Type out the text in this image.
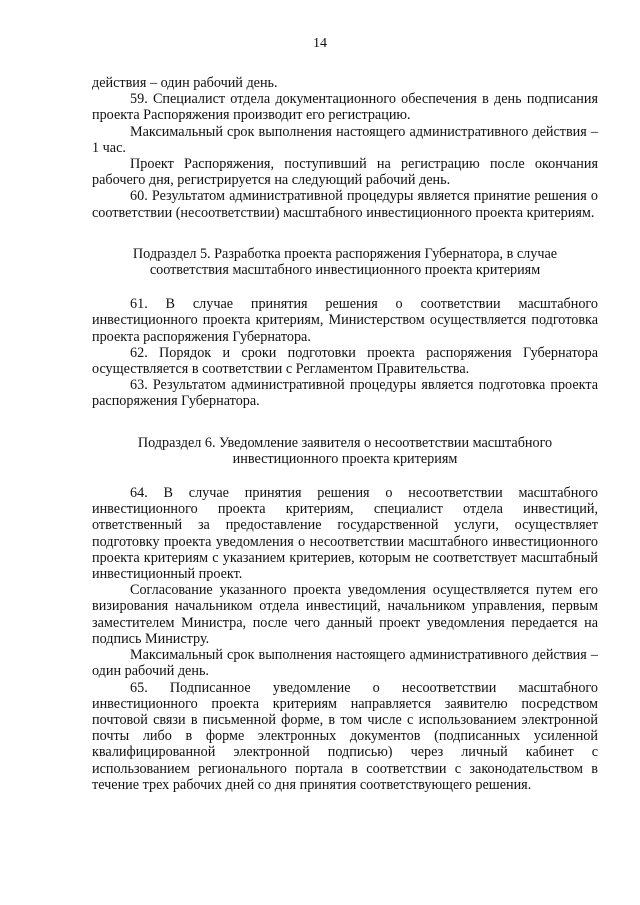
14

действия – один рабочий день.

59. Специалист отдела документационного обеспечения в день подписания проекта Распоряжения производит его регистрацию.

Максимальный срок выполнения настоящего административного действия – 1 час.

Проект Распоряжения, поступивший на регистрацию после окончания рабочего дня, регистрируется на следующий рабочий день.

60. Результатом административной процедуры является принятие решения о соответствии (несоответствии) масштабного инвестиционного проекта критериям.

Подраздел 5. Разработка проекта распоряжения Губернатора, в случае
соответствия масштабного инвестиционного проекта критериям

61. В случае принятия решения о соответствии масштабного инвестиционного проекта критериям, Министерством осуществляется подготовка проекта распоряжения Губернатора.

62. Порядок и сроки подготовки проекта распоряжения Губернатора осуществляется в соответствии с Регламентом Правительства.

63. Результатом административной процедуры является подготовка проекта распоряжения Губернатора.

Подраздел 6. Уведомление заявителя о несоответствии масштабного
инвестиционного проекта критериям

64. В случае принятия решения о несоответствии масштабного инвестиционного проекта критериям, специалист отдела инвестиций, ответственный за предоставление государственной услуги, осуществляет подготовку проекта уведомления о несоответствии масштабного инвестиционного проекта критериям с указанием критериев, которым не соответствует масштабный инвестиционный проект.

Согласование указанного проекта уведомления осуществляется путем его визирования начальником отдела инвестиций, начальником управления, первым заместителем Министра, после чего данный проект уведомления передается на подпись Министру.

Максимальный срок выполнения настоящего административного действия – один рабочий день.

65. Подписанное уведомление о несоответствии масштабного инвестиционного проекта критериям направляется заявителю посредством почтовой связи в письменной форме, в том числе с использованием электронной почты либо в форме электронных документов (подписанных усиленной квалифицированной электронной подписью) через личный кабинет с использованием регионального портала в соответствии с законодательством в течение трех рабочих дней со дня принятия соответствующего решения.
